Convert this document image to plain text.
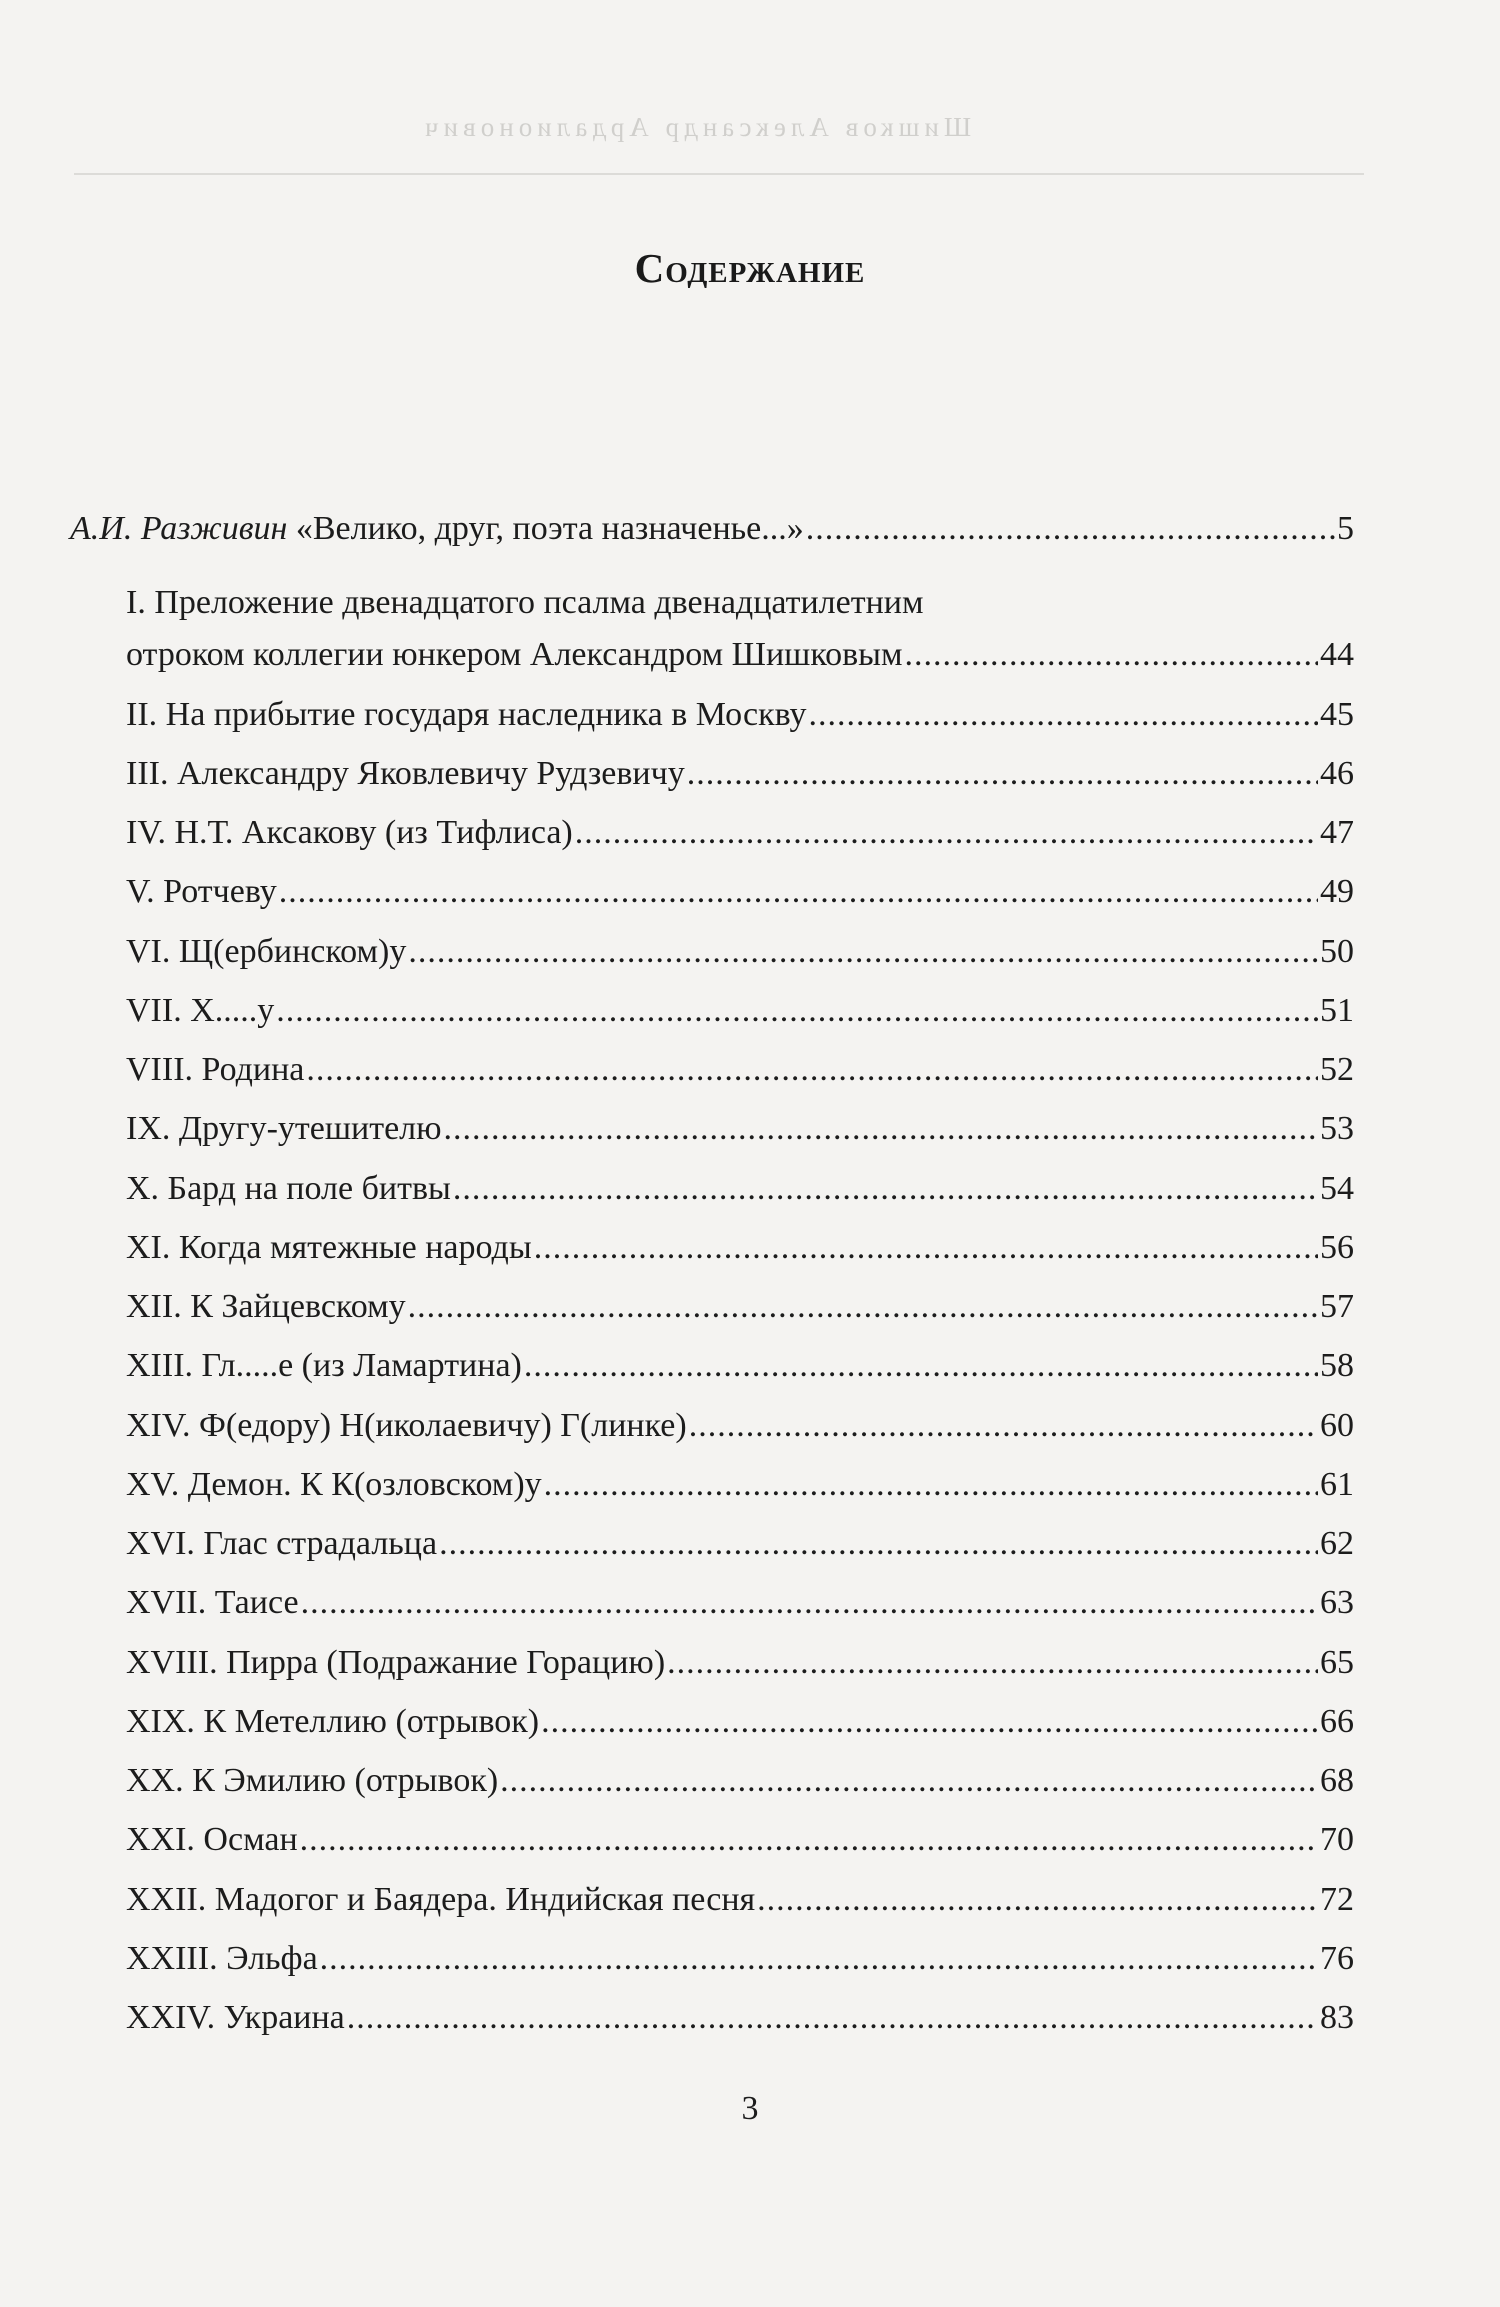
Шишков Александр Ардалионович
Содержание
А.И. Разживин «Велико, друг, поэта назначенье...» .....	5
I. Преложение двенадцатого псалма двенадцатилетним
отроком коллегии юнкером Александром Шишковым .....	44
II. На прибытие государя наследника в Москву .....	45
III. Александру Яковлевичу Рудзевичу .....	46
IV. Н.Т. Аксакову (из Тифлиса) .....	47
V. Ротчеву .....	49
VI. Щ(ербинском)у .....	50
VII. Х.....у .....	51
VIII. Родина .....	52
IX. Другу-утешителю .....	53
X. Бард на поле битвы .....	54
XI. Когда мятежные народы .....	56
XII. К Зайцевскому .....	57
XIII. Гл.....е (из Ламартина) .....	58
XIV. Ф(едору) Н(иколаевичу) Г(линке) .....	60
XV. Демон. К К(озловском)у .....	61
XVI. Глас страдальца .....	62
XVII. Таисе .....	63
XVIII. Пирра (Подражание Горацию) .....	65
XIX. К Метеллию (отрывок) .....	66
XX. К Эмилию (отрывок) .....	68
XXI. Осман .....	70
XXII. Мадогог и Баядера. Индийская песня .....	72
XXIII. Эльфа .....	76
XXIV. Украина .....	83
3
